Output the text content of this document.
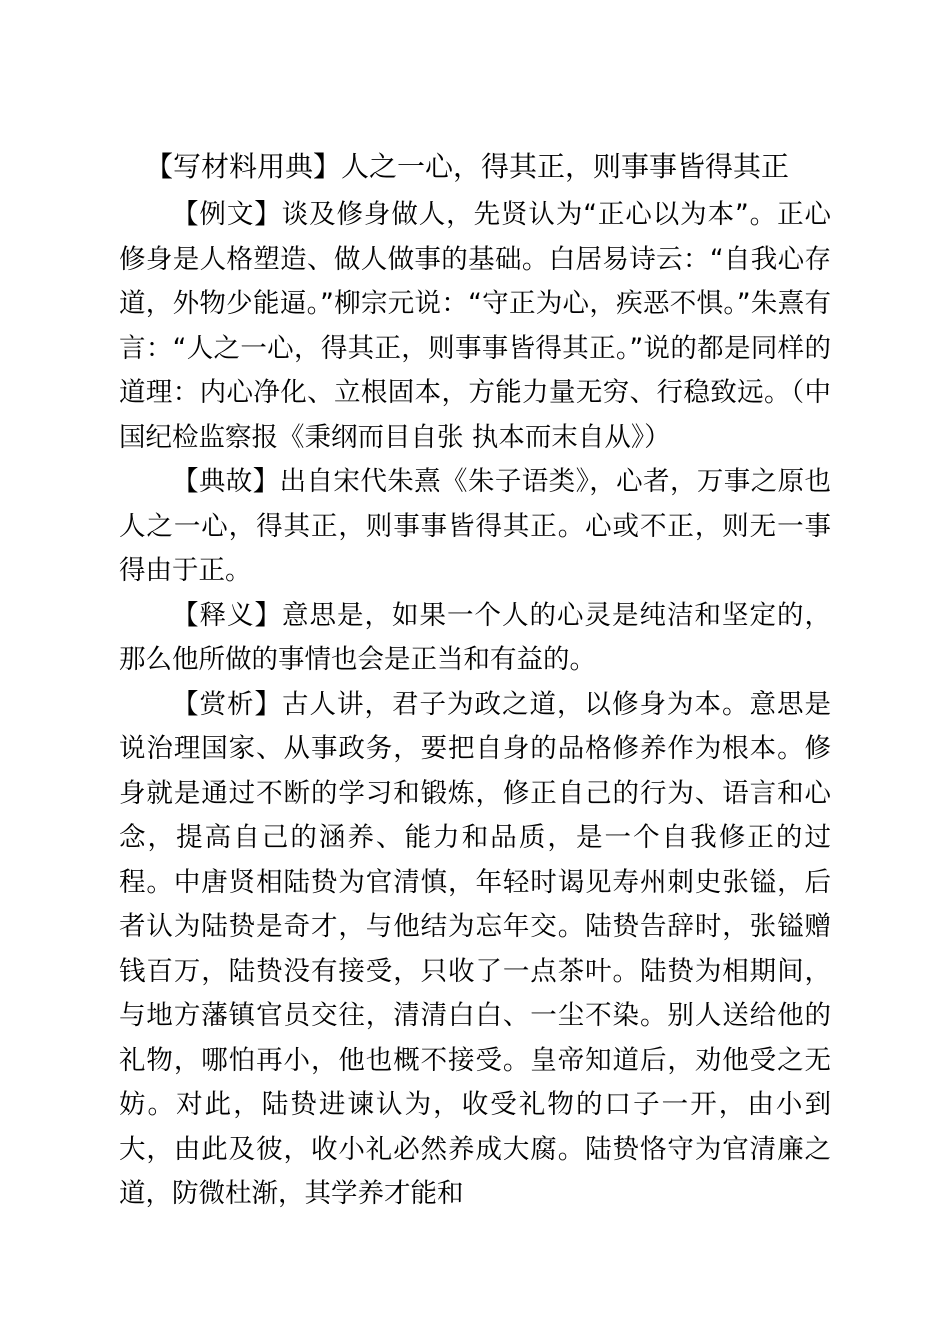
【写材料用典】人之一心，得其正，则事事皆得其正

【例文】谈及修身做人，先贤认为“正心以为本”。正心修身是人格塑造、做人做事的基础。白居易诗云：“自我心存道，外物少能逼。”柳宗元说：“守正为心，疾恶不惧。”朱熹有言：“人之一心，得其正，则事事皆得其正。”说的都是同样的道理：内心净化、立根固本，方能力量无穷、行稳致远。（中国纪检监察报《秉纲而目自张 执本而末自从》）

【典故】出自宋代朱熹《朱子语类》，心者，万事之原也人之一心，得其正，则事事皆得其正。心或不正，则无一事得由于正。

【释义】意思是，如果一个人的心灵是纯洁和坚定的，那么他所做的事情也会是正当和有益的。

【赏析】古人讲，君子为政之道，以修身为本。意思是说治理国家、从事政务，要把自身的品格修养作为根本。修身就是通过不断的学习和锻炼，修正自己的行为、语言和心念，提高自己的涵养、能力和品质，是一个自我修正的过程。中唐贤相陆贽为官清慎，年轻时谒见寿州刺史张镒，后者认为陆贽是奇才，与他结为忘年交。陆贽告辞时，张镒赠钱百万，陆贽没有接受，只收了一点茶叶。陆贽为相期间，与地方藩镇官员交往，清清白白、一尘不染。别人送给他的礼物，哪怕再小，他也概不接受。皇帝知道后，劝他受之无妨。对此，陆贽进谏认为，收受礼物的口子一开，由小到大，由此及彼，收小礼必然养成大腐。陆贽恪守为官清廉之道，防微杜渐，其学养才能和
